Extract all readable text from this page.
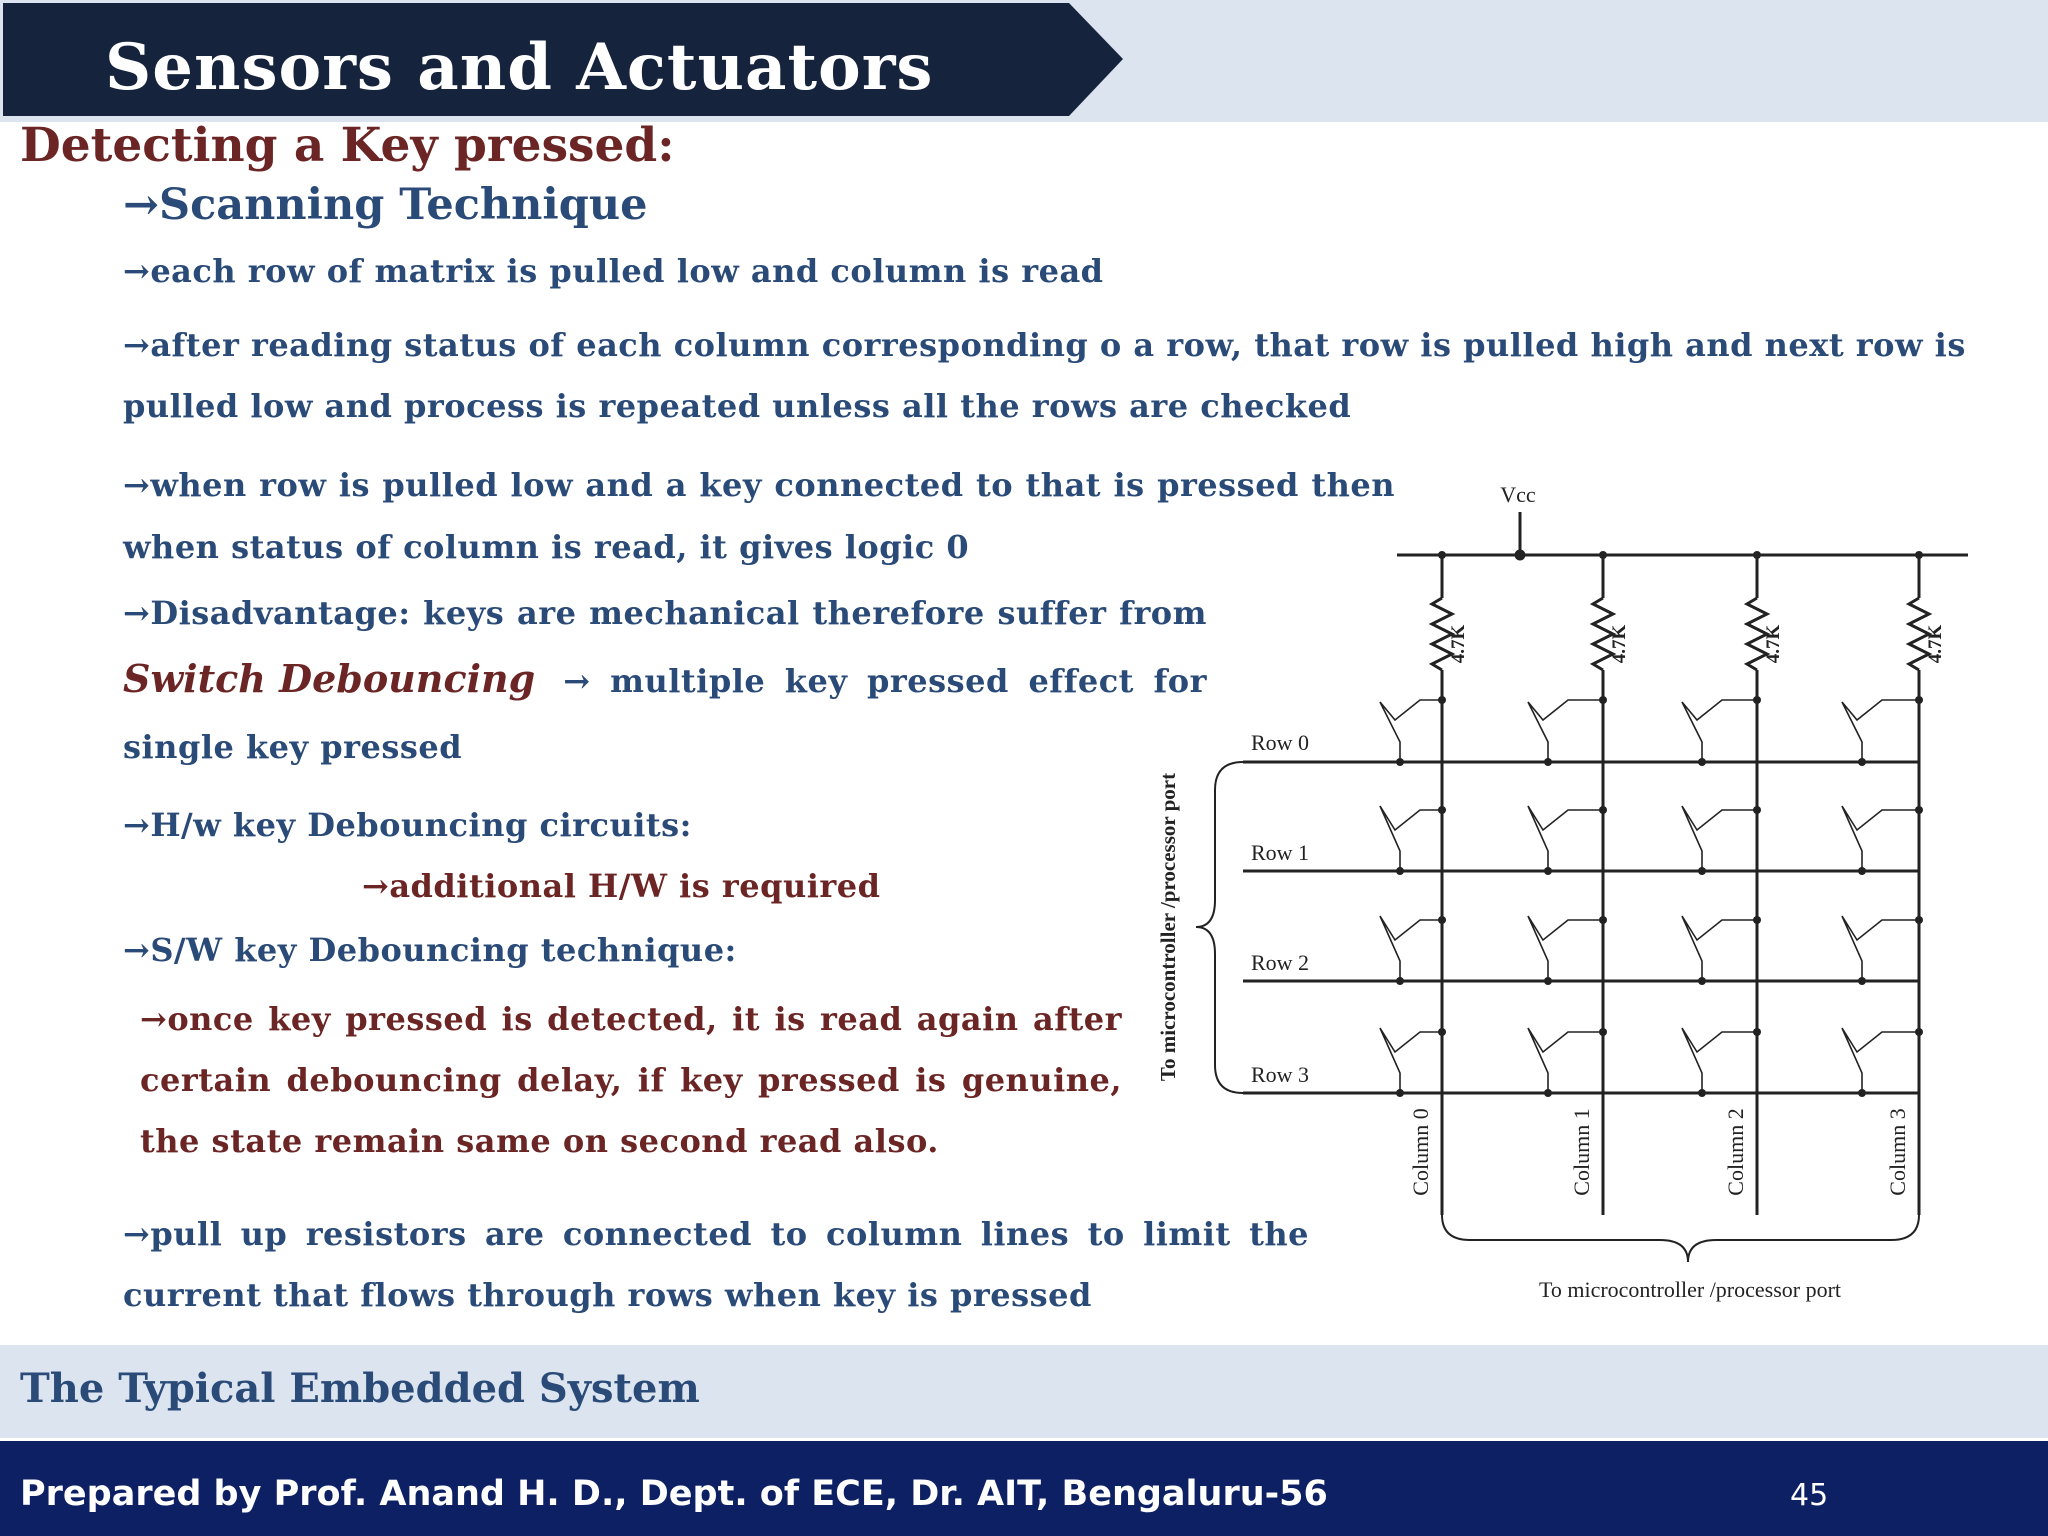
Sensors and Actuators
Detecting a Key pressed:
→Scanning Technique
→each row of matrix is pulled low and column is read
→after reading status of each column corresponding o a row, that row is pulled high and next row is
pulled low and process is repeated unless all the rows are checked
→when row is pulled low and a key connected to that is pressed then
when status of column is read, it gives logic 0
→Disadvantage: keys are mechanical therefore suffer from
Switch Debouncing → multiple key pressed effect for
single key pressed
→H/w key Debouncing circuits:
→additional H/W is required
→S/W key Debouncing technique:
→once key pressed is detected, it is read again after
certain debouncing delay, if key pressed is genuine,
the state remain same on second read also.
→pull up resistors are connected to column lines to limit the
current that flows through rows when key is pressed
Vcc
4.7K	4.7K	4.7K	4.7K
Row 0
Row 1
Row 2
Row 3
Column 0	Column 1	Column 2	Column 3
To microcontroller /processor port
To microcontroller /processor port
The Typical Embedded System
Prepared by Prof. Anand H. D., Dept. of ECE, Dr. AIT, Bengaluru-56	45
